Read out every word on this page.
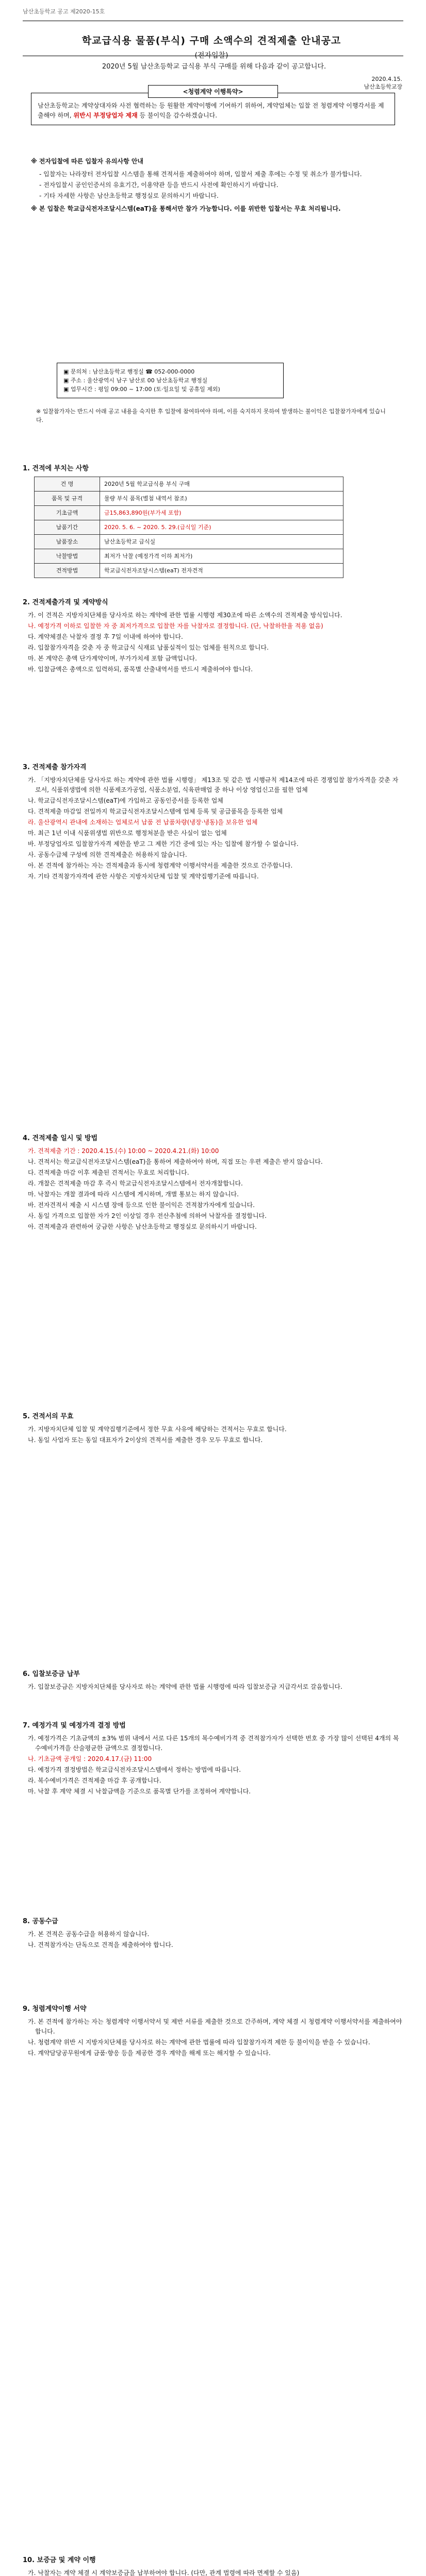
남산초등학교 공고 제2020-15호
학교급식용 물품(부식) 구매 소액수의 견적제출 안내공고
(전자입찰)
2020년 5월 남산초등학교 급식용 부식 구매를 위해 다음과 같이 공고합니다.
2020.4.15.
남산초등학교장
<청렴계약 이행특약>
남산초등학교는 계약상대자와 사전 협력하는 등 원활한 계약이행에 기여하기 위하여, 계약업체는 입찰 전 청렴계약 이행각서를 제출해야 하며, 위반시 부정당업자 제재 등 불이익을 감수하겠습니다.
※ 전자입찰에 따른 입찰자 유의사항 안내
- 입찰자는 나라장터 전자입찰 시스템을 통해 견적서를 제출하여야 하며, 입찰서 제출 후에는 수정 및 취소가 불가합니다.
- 전자입찰시 공인인증서의 유효기간, 이용약관 등을 반드시 사전에 확인하시기 바랍니다.
- 기타 자세한 사항은 남산초등학교 행정실로 문의하시기 바랍니다.
※ 본 입찰은 학교급식전자조달시스템(eaT)을 통해서만 참가 가능합니다. 이를 위반한 입찰서는 무효 처리됩니다.
▣ 문의처 : 남산초등학교 행정실 ☎ 052-000-0000
▣ 주소 : 울산광역시 남구 남산로 00 남산초등학교 행정실
▣ 업무시간 : 평일 09:00 ~ 17:00 (토·일요일 및 공휴일 제외)
※ 입찰참가자는 반드시 아래 공고 내용을 숙지한 후 입찰에 참여하여야 하며, 이를 숙지하지 못하여 발생하는 불이익은 입찰참가자에게 있습니다.
1. 견적에 부치는 사항
건 명	2020년 5월 학교급식용 부식 구매
품목 및 규격	물량 부식 품목(별첨 내역서 참조)
기초금액	금15,863,890원(부가세 포함)
납품기간	2020. 5. 6. ~ 2020. 5. 29.(급식일 기준)
납품장소	남산초등학교 급식실
낙찰방법	최저가 낙찰 (예정가격 이하 최저가)
견적방법	학교급식전자조달시스템(eaT) 전자견적
2. 견적제출가격 및 계약방식
가. 이 견적은 지방자치단체를 당사자로 하는 계약에 관한 법률 시행령 제30조에 따른 소액수의 견적제출 방식입니다.
나. 예정가격 이하로 입찰한 자 중 최저가격으로 입찰한 자를 낙찰자로 결정합니다. (단, 낙찰하한율 적용 없음)
다. 계약체결은 낙찰자 결정 후 7일 이내에 하여야 합니다.
라. 입찰참가자격을 갖춘 자 중 학교급식 식재료 납품실적이 있는 업체를 원칙으로 합니다.
마. 본 계약은 총액 단가계약이며, 부가가치세 포함 금액입니다.
바. 입찰금액은 총액으로 입력하되, 품목별 산출내역서를 반드시 제출하여야 합니다.
3. 견적제출 참가자격
가. 「지방자치단체를 당사자로 하는 계약에 관한 법률 시행령」 제13조 및 같은 법 시행규칙 제14조에 따른 경쟁입찰 참가자격을 갖춘 자로서, 식품위생법에 의한 식품제조가공업, 식품소분업, 식육판매업 중 하나 이상 영업신고를 필한 업체
나. 학교급식전자조달시스템(eaT)에 가입하고 공동인증서를 등록한 업체
다. 견적제출 마감일 전일까지 학교급식전자조달시스템에 업체 등록 및 공급품목을 등록한 업체
라. 울산광역시 관내에 소재하는 업체로서 납품 전 납품차량(냉장·냉동)을 보유한 업체
마. 최근 1년 이내 식품위생법 위반으로 행정처분을 받은 사실이 없는 업체
바. 부정당업자로 입찰참가자격 제한을 받고 그 제한 기간 중에 있는 자는 입찰에 참가할 수 없습니다.
사. 공동수급체 구성에 의한 견적제출은 허용하지 않습니다.
아. 본 견적에 참가하는 자는 견적제출과 동시에 청렴계약 이행서약서를 제출한 것으로 간주합니다.
자. 기타 견적참가자격에 관한 사항은 지방자치단체 입찰 및 계약집행기준에 따릅니다.
4. 견적제출 일시 및 방법
가. 견적제출 기간 : 2020.4.15.(수) 10:00 ~ 2020.4.21.(화) 10:00
나. 견적서는 학교급식전자조달시스템(eaT)을 통하여 제출하여야 하며, 직접 또는 우편 제출은 받지 않습니다.
다. 견적제출 마감 이후 제출된 견적서는 무효로 처리합니다.
라. 개찰은 견적제출 마감 후 즉시 학교급식전자조달시스템에서 전자개찰합니다.
마. 낙찰자는 개찰 결과에 따라 시스템에 게시하며, 개별 통보는 하지 않습니다.
바. 전자견적서 제출 시 시스템 장애 등으로 인한 불이익은 견적참가자에게 있습니다.
사. 동일 가격으로 입찰한 자가 2인 이상일 경우 전산추첨에 의하여 낙찰자를 결정합니다.
아. 견적제출과 관련하여 궁금한 사항은 남산초등학교 행정실로 문의하시기 바랍니다.
5. 견적서의 무효
가. 지방자치단체 입찰 및 계약집행기준에서 정한 무효 사유에 해당하는 견적서는 무효로 합니다.
나. 동일 사업자 또는 동일 대표자가 2이상의 견적서를 제출한 경우 모두 무효로 합니다.
6. 입찰보증금 납부
가. 입찰보증금은 지방자치단체를 당사자로 하는 계약에 관한 법률 시행령에 따라 입찰보증금 지급각서로 갈음합니다.
7. 예정가격 및 예정가격 결정 방법
가. 예정가격은 기초금액의 ±3% 범위 내에서 서로 다른 15개의 복수예비가격 중 견적참가자가 선택한 번호 중 가장 많이 선택된 4개의 복수예비가격을 산술평균한 금액으로 결정합니다.
나. 기초금액 공개일 : 2020.4.17.(금) 11:00
다. 예정가격 결정방법은 학교급식전자조달시스템에서 정하는 방법에 따릅니다.
라. 복수예비가격은 견적제출 마감 후 공개합니다.
마. 낙찰 후 계약 체결 시 낙찰금액을 기준으로 품목별 단가를 조정하여 계약합니다.
8. 공동수급
가. 본 견적은 공동수급을 허용하지 않습니다.
나. 견적참가자는 단독으로 견적을 제출하여야 합니다.
9. 청렴계약이행 서약
가. 본 견적에 참가하는 자는 청렴계약 이행서약서 및 제반 서류를 제출한 것으로 간주하며, 계약 체결 시 청렴계약 이행서약서를 제출하여야 합니다.
나. 청렴계약 위반 시 지방자치단체를 당사자로 하는 계약에 관한 법률에 따라 입찰참가자격 제한 등 불이익을 받을 수 있습니다.
다. 계약담당공무원에게 금품·향응 등을 제공한 경우 계약을 해제 또는 해지할 수 있습니다.
10. 보증금 및 계약 이행
가. 낙찰자는 계약 체결 시 계약보증금을 납부하여야 합니다. (다만, 관계 법령에 따라 면제할 수 있음)
